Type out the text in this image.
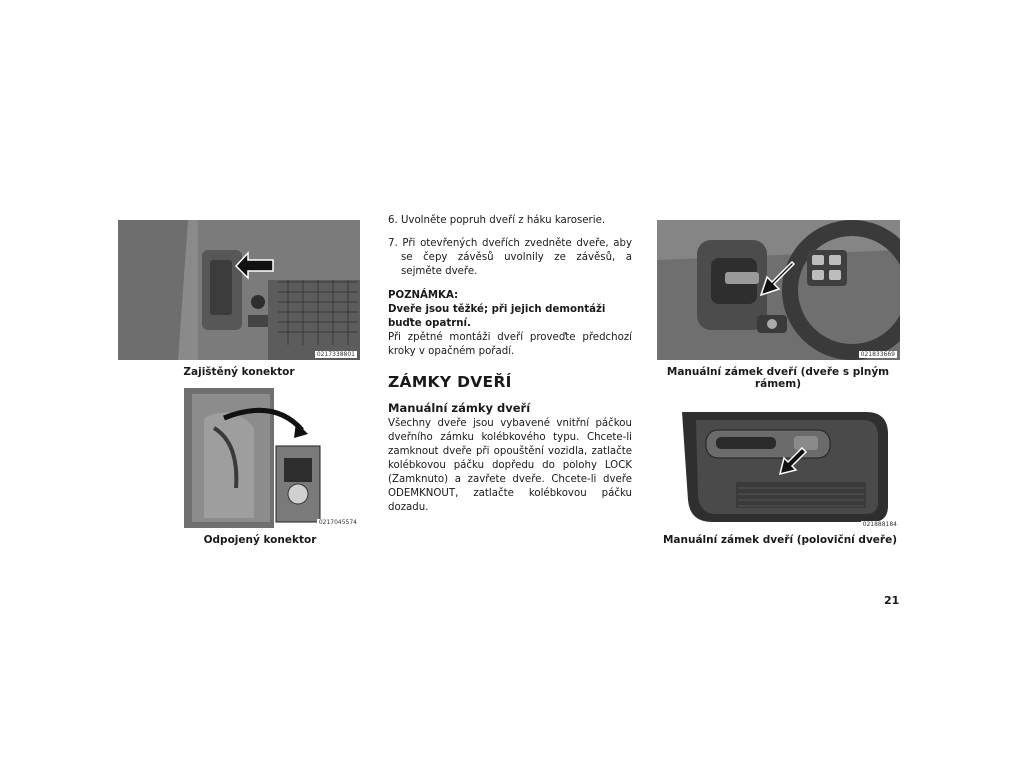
0217338801
Zajištěný konektor
0217045574
Odpojený konektor

6. Uvolněte popruh dveří z háku karoserie.

7. Při otevřených dveřích zvedněte dveře, aby se čepy závěsů uvolnily ze závěsů, a sejměte dveře.

POZNÁMKA:

Dveře jsou těžké; při jejich demontáži buďte opatrní.

Při zpětné montáži dveří proveďte předchozí kroky v opačném pořadí.

ZÁMKY DVEŘÍ

Manuální zámky dveří

Všechny dveře jsou vybavené vnitřní páčkou dveřního zámku kolébkového typu. Chcete-li zamknout dveře při opouštění vozidla, zatlačte kolébkovou páčku dopředu do polohy LOCK (Zamknuto) a zavřete dveře. Chcete-li dveře ODEMKNOUT, zatlačte kolébkovou páčku dozadu.

021833669
Manuální zámek dveří (dveře s plným rámem)
021888184
Manuální zámek dveří (poloviční dveře)
21
